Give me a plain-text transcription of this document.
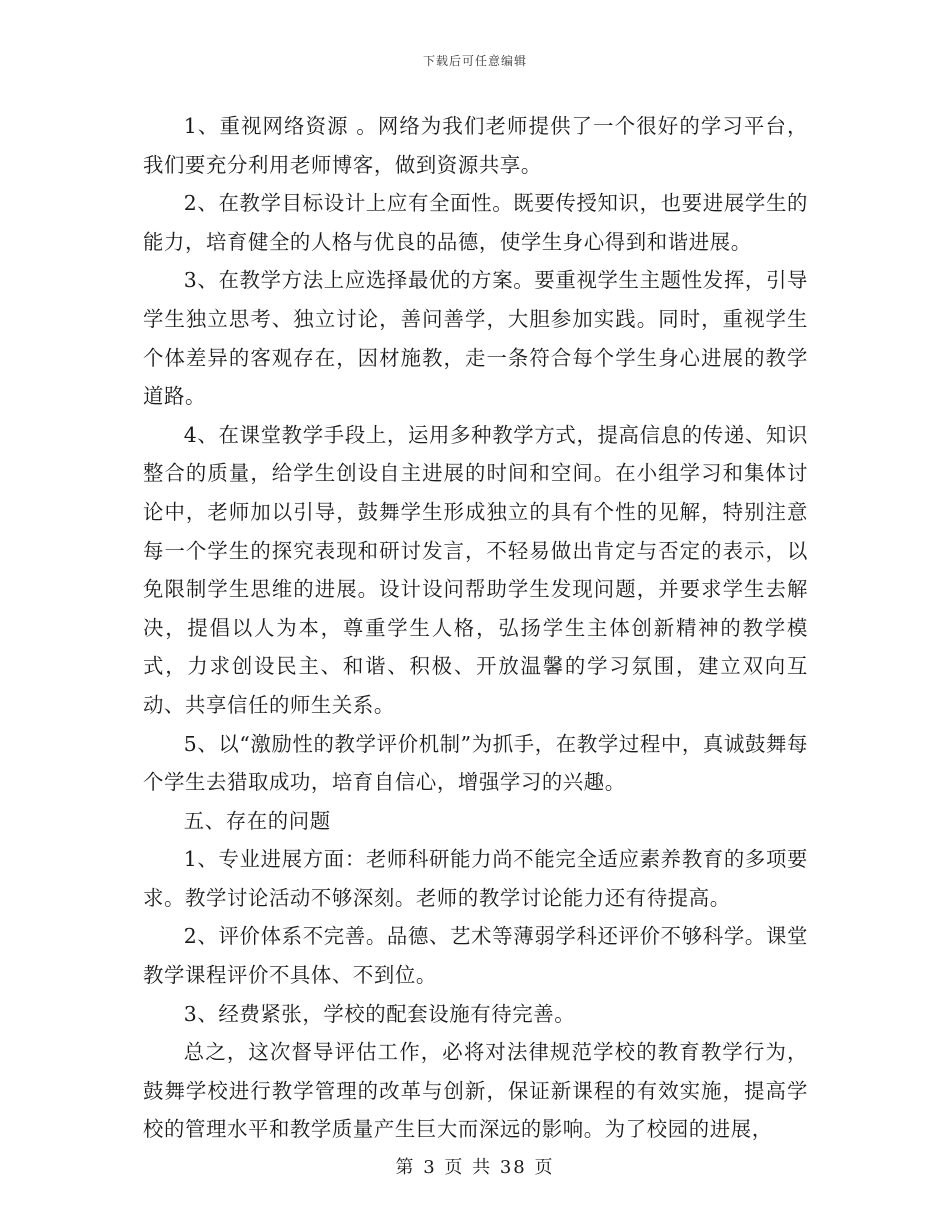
下载后可任意编辑

1、重视网络资源 。网络为我们老师提供了一个很好的学习平台，我们要充分利用老师博客，做到资源共享。

2、在教学目标设计上应有全面性。既要传授知识，也要进展学生的能力，培育健全的人格与优良的品德，使学生身心得到和谐进展。

3、在教学方法上应选择最优的方案。要重视学生主题性发挥，引导学生独立思考、独立讨论，善问善学，大胆参加实践。同时，重视学生个体差异的客观存在，因材施教，走一条符合每个学生身心进展的教学道路。

4、在课堂教学手段上，运用多种教学方式，提高信息的传递、知识整合的质量，给学生创设自主进展的时间和空间。在小组学习和集体讨论中，老师加以引导，鼓舞学生形成独立的具有个性的见解，特别注意每一个学生的探究表现和研讨发言，不轻易做出肯定与否定的表示，以免限制学生思维的进展。设计设问帮助学生发现问题，并要求学生去解决，提倡以人为本，尊重学生人格，弘扬学生主体创新精神的教学模式，力求创设民主、和谐、积极、开放温馨的学习氛围，建立双向互动、共享信任的师生关系。

5、以“激励性的教学评价机制”为抓手，在教学过程中，真诚鼓舞每个学生去猎取成功，培育自信心，增强学习的兴趣。

五、存在的问题

1、专业进展方面：老师科研能力尚不能完全适应素养教育的多项要求。教学讨论活动不够深刻。老师的教学讨论能力还有待提高。

2、评价体系不完善。品德、艺术等薄弱学科还评价不够科学。课堂教学课程评价不具体、不到位。

3、经费紧张，学校的配套设施有待完善。

总之，这次督导评估工作，必将对法律规范学校的教育教学行为，鼓舞学校进行教学管理的改革与创新，保证新课程的有效实施，提高学校的管理水平和教学质量产生巨大而深远的影响。为了校园的进展，

第 3 页 共 38 页
